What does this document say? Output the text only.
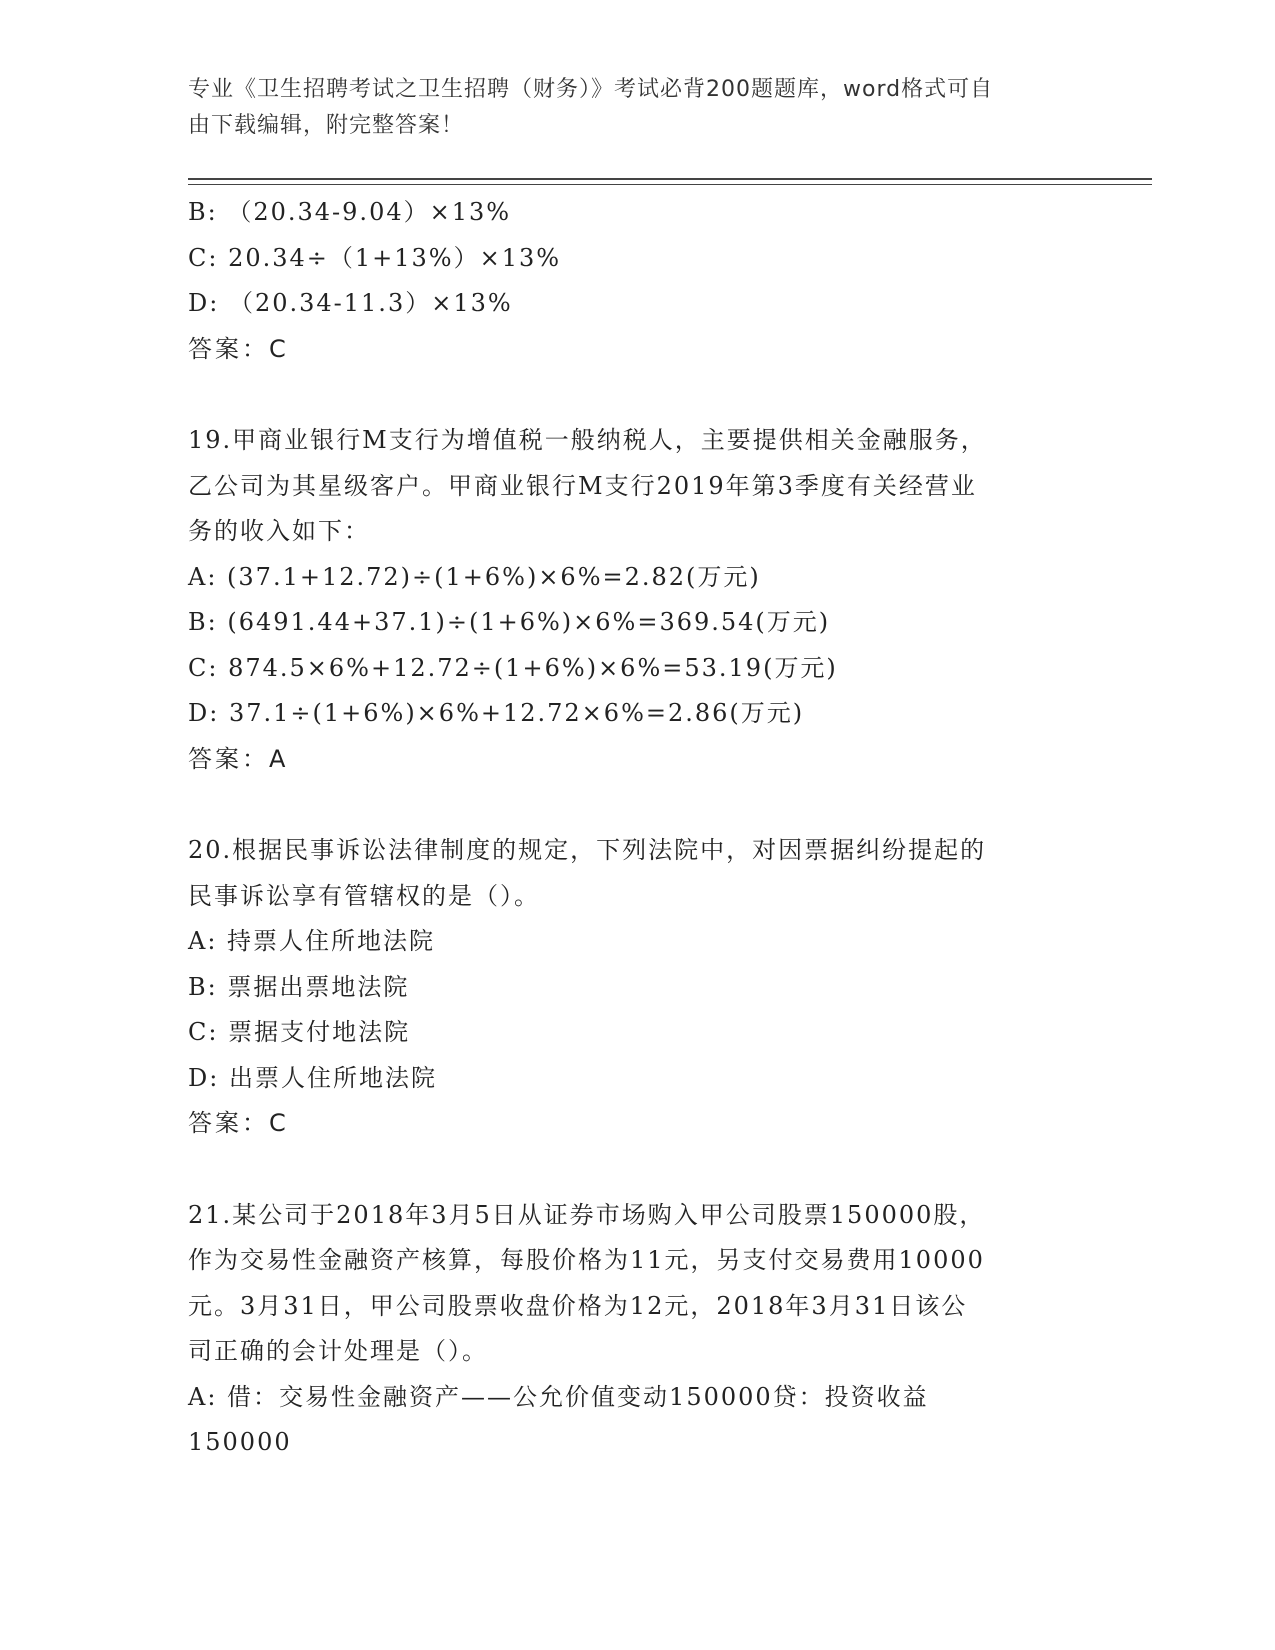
专业《卫生招聘考试之卫生招聘（财务）》考试必背200题题库，word格式可自
由下载编辑，附完整答案！
B: （20.34-9.04）×13%
C: 20.34÷（1+13%）×13%
D: （20.34-11.3）×13%
答案：C
19.甲商业银行M支行为增值税一般纳税人，主要提供相关金融服务，
乙公司为其星级客户。甲商业银行M支行2019年第3季度有关经营业
务的收入如下：
A: (37.1+12.72)÷(1+6%)×6%=2.82(万元)
B: (6491.44+37.1)÷(1+6%)×6%=369.54(万元)
C: 874.5×6%+12.72÷(1+6%)×6%=53.19(万元)
D: 37.1÷(1+6%)×6%+12.72×6%=2.86(万元)
答案：A
20.根据民事诉讼法律制度的规定，下列法院中，对因票据纠纷提起的
民事诉讼享有管辖权的是（）。
A: 持票人住所地法院
B: 票据出票地法院
C: 票据支付地法院
D: 出票人住所地法院
答案：C
21.某公司于2018年3月5日从证券市场购入甲公司股票150000股，
作为交易性金融资产核算，每股价格为11元，另支付交易费用10000
元。3月31日，甲公司股票收盘价格为12元，2018年3月31日该公
司正确的会计处理是（）。
A: 借：交易性金融资产——公允价值变动150000贷：投资收益
150000
